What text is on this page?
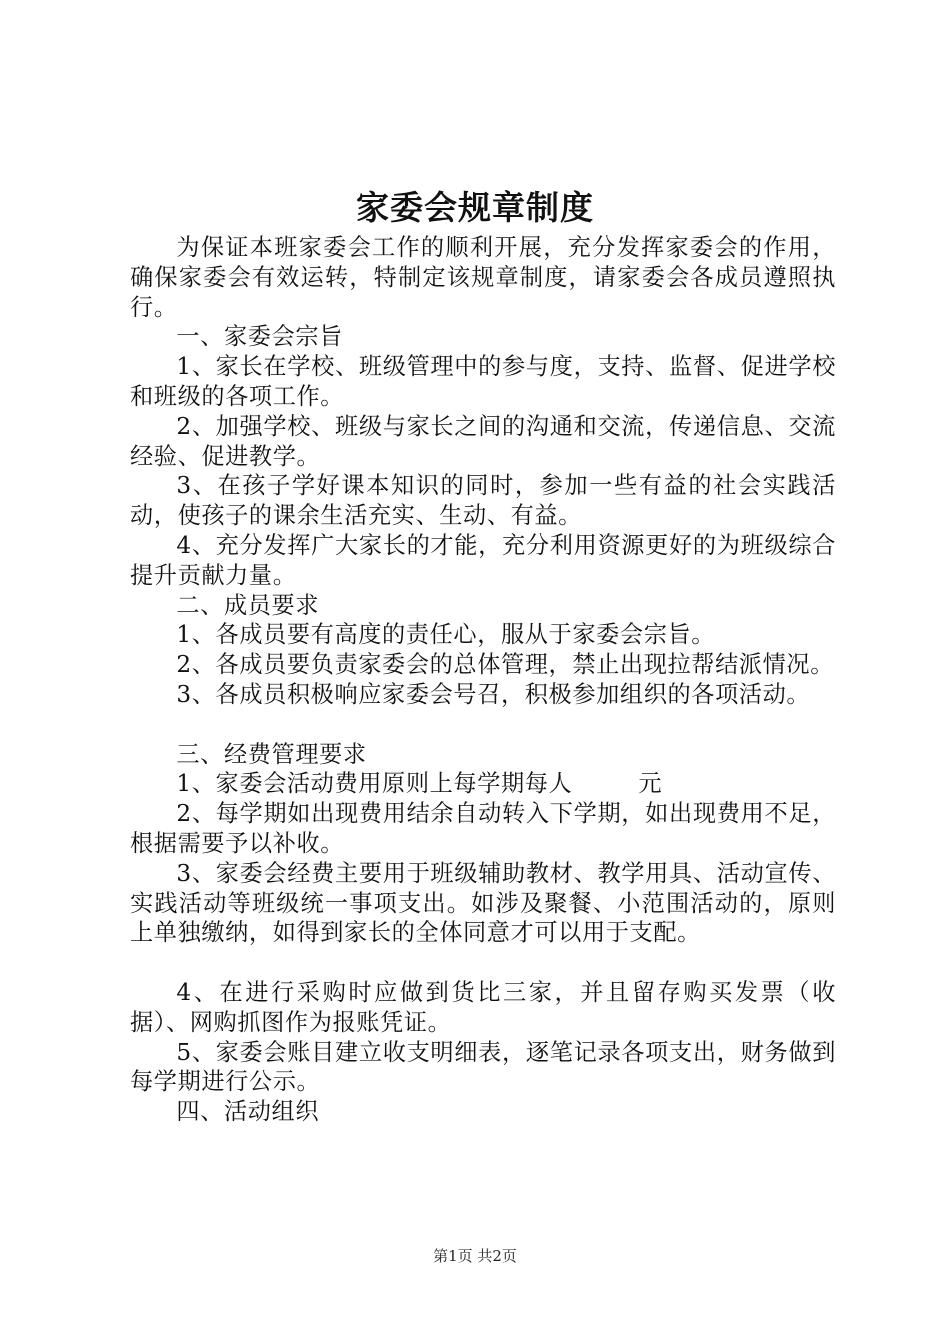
家委会规章制度

为保证本班家委会工作的顺利开展，充分发挥家委会的作用，确保家委会有效运转，特制定该规章制度，请家委会各成员遵照执行。

一、家委会宗旨

1、家长在学校、班级管理中的参与度，支持、监督、促进学校和班级的各项工作。

2、加强学校、班级与家长之间的沟通和交流，传递信息、交流经验、促进教学。

3、在孩子学好课本知识的同时，参加一些有益的社会实践活动，使孩子的课余生活充实、生动、有益。

4、充分发挥广大家长的才能，充分利用资源更好的为班级综合提升贡献力量。

二、成员要求

1、各成员要有高度的责任心，服从于家委会宗旨。

2、各成员要负责家委会的总体管理，禁止出现拉帮结派情况。

3、各成员积极响应家委会号召，积极参加组织的各项活动。

三、经费管理要求

1、家委会活动费用原则上每学期每人	元

2、每学期如出现费用结余自动转入下学期，如出现费用不足，根据需要予以补收。

3、家委会经费主要用于班级辅助教材、教学用具、活动宣传、实践活动等班级统一事项支出。如涉及聚餐、小范围活动的，原则上单独缴纳，如得到家长的全体同意才可以用于支配。

4、在进行采购时应做到货比三家，并且留存购买发票（收据）、网购抓图作为报账凭证。

5、家委会账目建立收支明细表，逐笔记录各项支出，财务做到每学期进行公示。

四、活动组织

第1页 共2页
